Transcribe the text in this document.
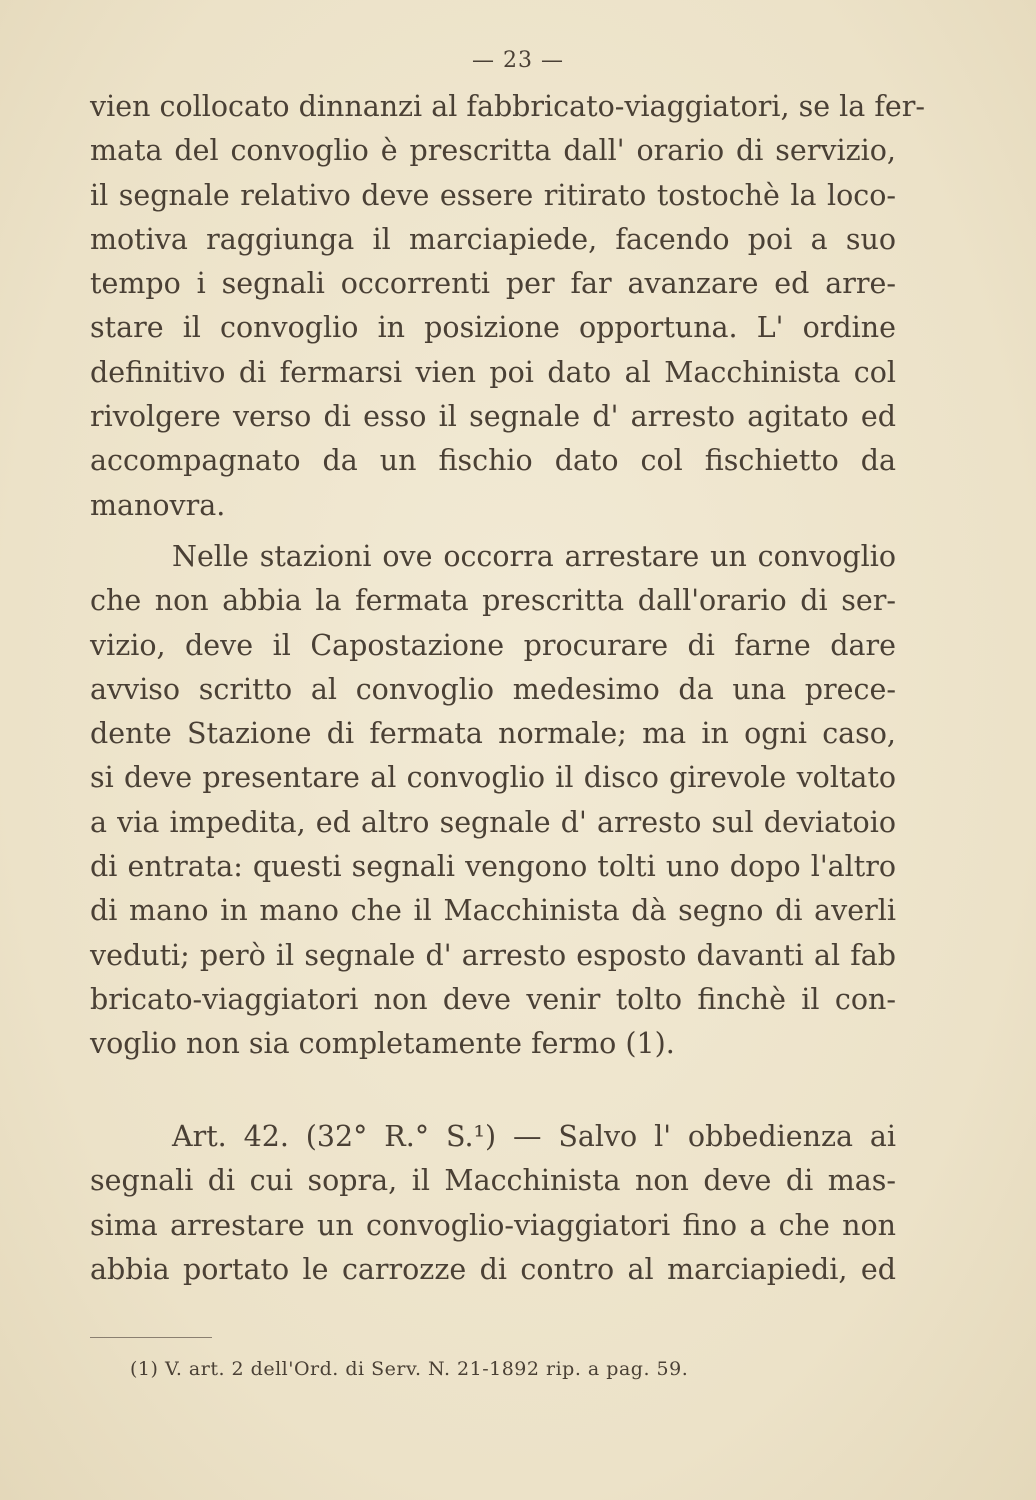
— 23 —
vien collocato dinnanzi al fabbricato-viaggiatori, se la fer-
mata del convoglio è prescritta dall' orario di servizio,
il segnale relativo deve essere ritirato tostochè la loco-
motiva raggiunga il marciapiede, facendo poi a suo
tempo i segnali occorrenti per far avanzare ed arre-
stare il convoglio in posizione opportuna. L' ordine
definitivo di fermarsi vien poi dato al Macchinista col
rivolgere verso di esso il segnale d' arresto agitato ed
accompagnato da un fischio dato col fischietto da
manovra.
Nelle stazioni ove occorra arrestare un convoglio
che non abbia la fermata prescritta dall'orario di ser-
vizio, deve il Capostazione procurare di farne dare
avviso scritto al convoglio medesimo da una prece-
dente Stazione di fermata normale; ma in ogni caso,
si deve presentare al convoglio il disco girevole voltato
a via impedita, ed altro segnale d' arresto sul deviatoio
di entrata: questi segnali vengono tolti uno dopo l'altro
di mano in mano che il Macchinista dà segno di averli
veduti; però il segnale d' arresto esposto davanti al fab
bricato-viaggiatori non deve venir tolto finchè il con-
voglio non sia completamente fermo (1).
Art. 42. (32° R.° S.¹) — Salvo l' obbedienza ai
segnali di cui sopra, il Macchinista non deve di mas-
sima arrestare un convoglio-viaggiatori fino a che non
abbia portato le carrozze di contro al marciapiedi, ed
(1) V. art. 2 dell'Ord. di Serv. N. 21-1892 rip. a pag. 59.
